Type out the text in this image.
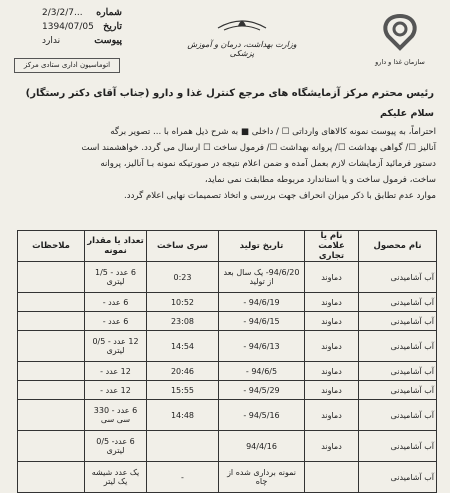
شماره
...2/3/2/7
تاریخ
1394/07/05
پیوست
ندارد
اتوماسیون اداری ستادی مرکز
وزارت بهداشت، درمان و آموزش پزشکی
سازمان غذا و دارو
رئیس محترم مرکز آزمایشگاه های مرجع کنترل غذا و دارو (جناب آقای دکتر رستگار)
سلام علیکم

احتراماً، به پیوست نمونه کالاهای وارداتی ☐ / داخلی ■ به شرح ذیل همراه با ... تصویر برگه

آنالیز ☐/ گواهی بهداشت ☐/ پروانه بهداشت ☐/ فرمول ساخت ☐ ارسال می گردد. خواهشمند است

دستور فرمائید آزمایشات لازم بعمل آمده و ضمن اعلام نتیجه در صورتیکه نمونه بـا آنالیز، پروانه

ساخت، فرمول ساخت و یا استاندارد مربوطه مطابقت نمی نماید،

موارد عدم تطابق با ذکر میزان انحراف جهت بررسی و اتخاذ تصمیمات نهایی اعلام گردد.

نام محصول	نام یا علامت تجاری	تاریخ تولید	سری ساخت	تعداد یا مقدار نمونه	ملاحظات
آب آشامیدنی	دماوند	94/6/20- یک سال بعد از تولید	0:23	6 عدد - 1/5 لیتری	
آب آشامیدنی	دماوند	94/6/19 -	10:52	6 عدد -	
آب آشامیدنی	دماوند	94/6/15 -	23:08	6 عدد -	
آب آشامیدنی	دماوند	94/6/13 -	14:54	12 عدد - 0/5 لیتری	
آب آشامیدنی	دماوند	94/6/5 -	20:46	12 عدد -	
آب آشامیدنی	دماوند	94/5/29 -	15:55	12 عدد -	
آب آشامیدنی	دماوند	94/5/16 -	14:48	6 عدد - 330 سی سی	
آب آشامیدنی	دماوند	94/4/16		6 عدد- 0/5 لیتری	
آب آشامیدنی		نمونه برداری شده از چاه	-	یک عدد شیشه یک لیتر	
